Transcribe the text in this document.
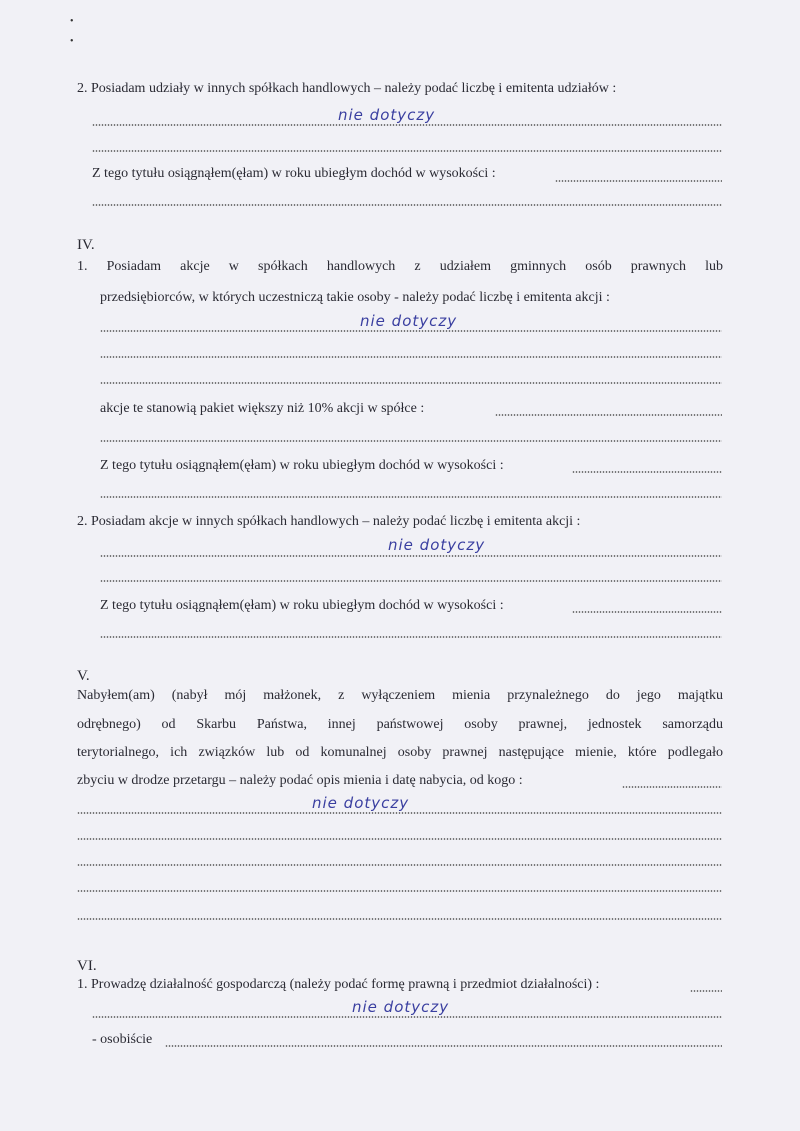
•
•
2. Posiadam udziały w innych spółkach handlowych – należy podać liczbę i emitenta udziałów :
nie dotyczy
Z tego tytułu osiągnąłem(ęłam) w roku ubiegłym dochód w wysokości :
IV.
1. Posiadam akcje w spółkach handlowych z udziałem gminnych osób prawnych lub
przedsiębiorców, w których uczestniczą takie osoby - należy podać liczbę i emitenta akcji :
nie dotyczy
akcje te stanowią pakiet większy niż 10% akcji w spółce :
Z tego tytułu osiągnąłem(ęłam) w roku ubiegłym dochód w wysokości :
2. Posiadam akcje w innych spółkach handlowych – należy podać liczbę i emitenta akcji :
nie dotyczy
Z tego tytułu osiągnąłem(ęłam) w roku ubiegłym dochód w wysokości :
V.
Nabyłem(am) (nabył mój małżonek, z wyłączeniem mienia przynależnego do jego majątku
odrębnego) od Skarbu Państwa, innej państwowej osoby prawnej, jednostek samorządu
terytorialnego, ich związków lub od komunalnej osoby prawnej następujące mienie, które podlegało
zbyciu w drodze przetargu – należy podać opis mienia i datę nabycia, od kogo :
nie dotyczy
VI.
1. Prowadzę działalność gospodarczą (należy podać formę prawną i przedmiot działalności) :
nie dotyczy
- osobiście
